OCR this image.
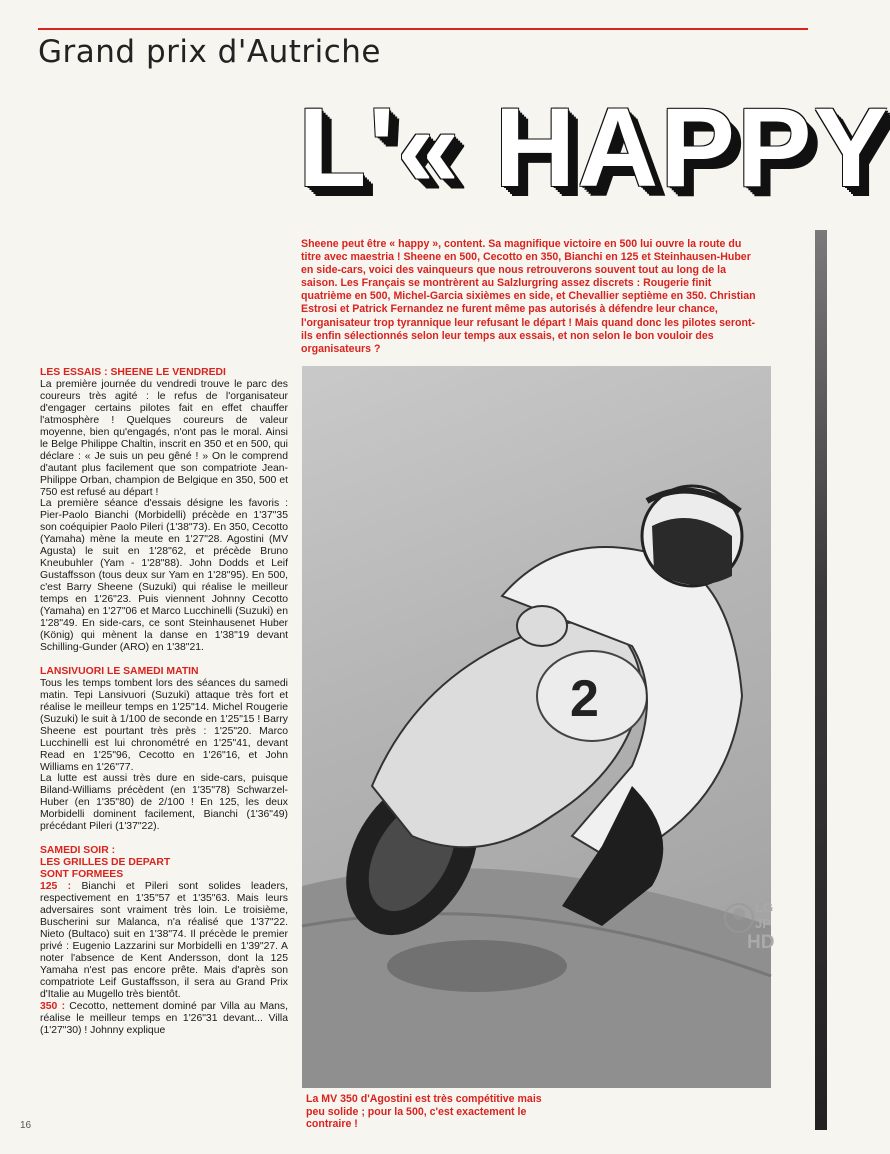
Grand prix d'Autriche
L'« HAPPY

Sheene peut être « happy », content. Sa magnifique victoire en 500 lui ouvre la route du titre avec maestria ! Sheene en 500, Cecotto en 350, Bianchi en 125 et Steinhausen-Huber en side-cars, voici des vainqueurs que nous retrouverons souvent tout au long de la saison. Les Français se montrèrent au Salzlurgring assez discrets : Rougerie finit quatrième en 500, Michel-Garcia sixièmes en side, et Chevallier septième en 350. Christian Estrosi et Patrick Fernandez ne furent même pas autorisés à défendre leur chance, l'organisateur trop tyrannique leur refusant le départ ! Mais quand donc les pilotes seront-ils enfin sélectionnés selon leur temps aux essais, et non selon le bon vouloir des organisateurs ?

LES ESSAIS : SHEENE LE VENDREDI

La première journée du vendredi trouve le parc des coureurs très agité : le refus de l'organisateur d'engager certains pilotes fait en effet chauffer l'atmosphère ! Quelques coureurs de valeur moyenne, bien qu'engagés, n'ont pas le moral. Ainsi le Belge Philippe Chaltin, inscrit en 350 et en 500, qui déclare : « Je suis un peu gêné ! » On le comprend d'autant plus facilement que son compatriote Jean-Philippe Orban, champion de Belgique en 350, 500 et 750 est refusé au départ !

La première séance d'essais désigne les favoris : Pier-Paolo Bianchi (Morbidelli) précède en 1'37"35 son coéquipier Paolo Pileri (1'38"73). En 350, Cecotto (Yamaha) mène la meute en 1'27"28. Agostini (MV Agusta) le suit en 1'28"62, et précède Bruno Kneubuhler (Yam - 1'28"88). John Dodds et Leif Gustaffsson (tous deux sur Yam en 1'28"95). En 500, c'est Barry Sheene (Suzuki) qui réalise le meilleur temps en 1'26"23. Puis viennent Johnny Cecotto (Yamaha) en 1'27"06 et Marco Lucchinelli (Suzuki) en 1'28"49. En side-cars, ce sont Steinhausenet Huber (König) qui mènent la danse en 1'38"19 devant Schilling-Gunder (ARO) en 1'38"21.

LANSIVUORI LE SAMEDI MATIN

Tous les temps tombent lors des séances du samedi matin. Tepi Lansivuori (Suzuki) attaque très fort et réalise le meilleur temps en 1'25"14. Michel Rougerie (Suzuki) le suit à 1/100 de seconde en 1'25"15 ! Barry Sheene est pourtant très près : 1'25"20. Marco Lucchinelli est lui chronométré en 1'25"41, devant Read en 1'25"96, Cecotto en 1'26"16, et John Williams en 1'26"77.

La lutte est aussi très dure en side-cars, puisque Biland-Williams précèdent (en 1'35"78) Schwarzel-Huber (en 1'35"80) de 2/100 ! En 125, les deux Morbidelli dominent facilement, Bianchi (1'36"49) précédant Pileri (1'37"22).

SAMEDI SOIR :
LES GRILLES DE DEPART
SONT FORMEES

125 : Bianchi et Pileri sont solides leaders, respectivement en 1'35"57 et 1'35"63. Mais leurs adversaires sont vraiment très loin. Le troisième, Buscherini sur Malanca, n'a réalisé que 1'37"22. Nieto (Bultaco) suit en 1'38"74. Il précède le premier privé : Eugenio Lazzarini sur Morbidelli en 1'39"27. A noter l'absence de Kent Andersson, dont la 125 Yamaha n'est pas encore prête. Mais d'après son compatriote Leif Gustaffsson, il sera au Grand Prix d'Italie au Mugello très bientôt.

350 : Cecotto, nettement dominé par Villa au Mans, réalise le meilleur temps en 1'26"31 devant... Villa (1'27"30) ! Johnny explique

16
2
LG
JP
HD

La MV 350 d'Agostini est très compétitive mais peu solide ; pour la 500, c'est exactement le contraire !
